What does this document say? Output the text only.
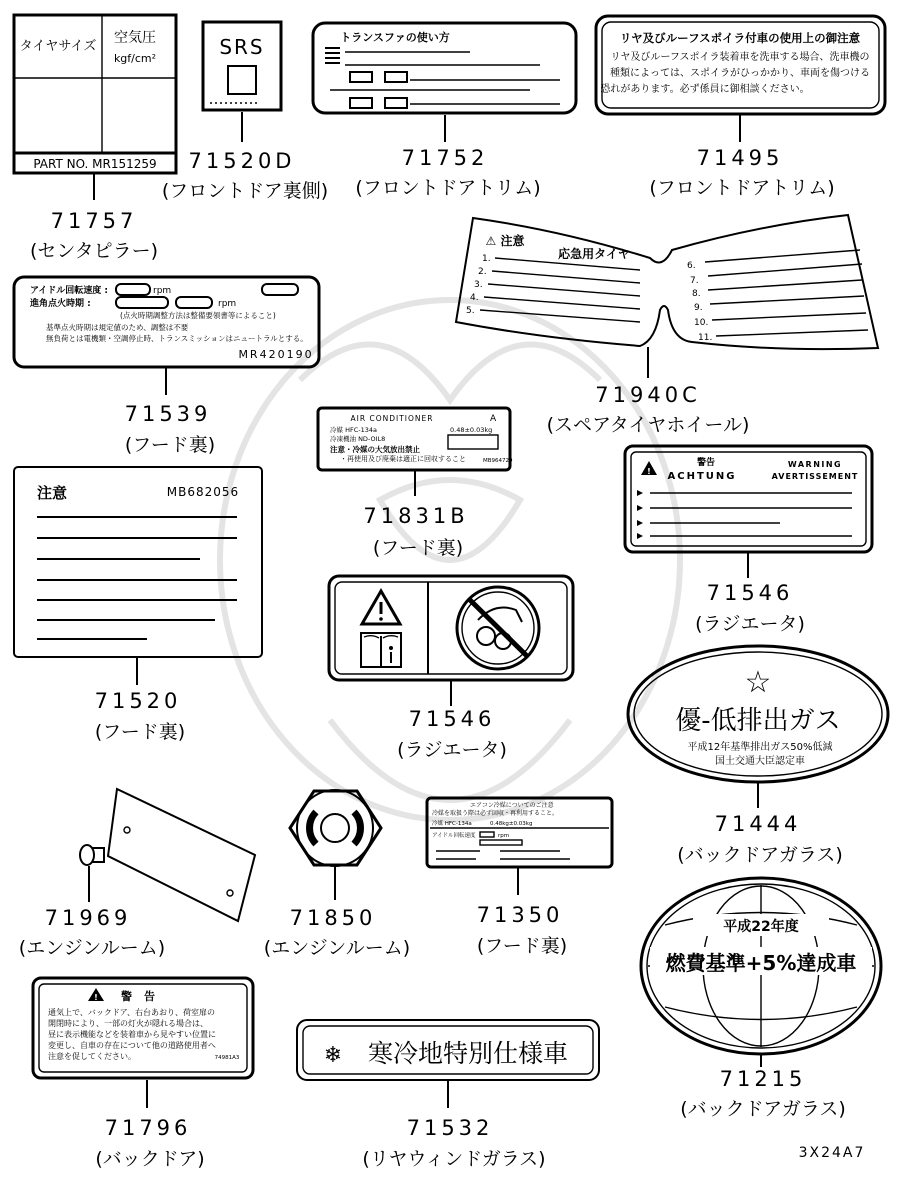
タイヤサイズ
空気圧
kgf/cm²
PART NO. MR151259
71757
(センタピラー)
SRS
71520D
(フロントドア裏側)
トランスファの使い方
71752
(フロントドアトリム)
リヤ及びルーフスポイラ付車の使用上の御注意
リヤ及びルーフスポイラ装着車を洗車する場合、洗車機の
種類によっては、スポイラがひっかかり、車両を傷つける
恐れがあります。必ず係員に御相談ください。
71495
(フロントドアトリム)
⚠ 注意
応急用タイヤ
1.
2.
3.
4.
5.
6.
7.
8.
9.
10.
11.
71940C
(スペアタイヤホイール)
アイドル回転速度 :	rpm
進角点火時期 :	rpm
(点火時期調整方法は整備要領書等によること)
基準点火時期は規定値のため、調整は不要
無負荷とは電機類・空調停止時、トランスミッションはニュートラルとする。
MR420190
71539
(フード裏)
AIR CONDITIONER	A
冷媒 HFC-134a	0.48±0.03kg
冷凍機油 ND-OIL8
注意・冷媒の大気放出禁止
・再使用及び廃棄は適正に回収すること	MB964729
71831B
(フード裏)
注意	MB682056
71520
(フード裏)
!
警告
ACHTUNG
WARNING
AVERTISSEMENT
71546
(ラジエータ)
71546
(ラジエータ)
☆
優-低排出ガス
平成12年基準排出ガス50%低減
国土交通大臣認定車
71444
(バックドアガラス)
71969
(エンジンルーム)
71850
(エンジンルーム)
エアコン冷媒についてのご注意
冷媒を取扱う際は必ず回収・再利用すること。
冷媒 HFC-134a	0.48kg±0.03kg
アイドル回転速度	rpm
71350
(フード裏)
平成22年度
燃費基準+5%達成車
71215
(バックドアガラス)
! 警告
通気上で、バックドア、右台あおり、荷室扉の
開閉時により、一部の灯火が隠れる場合は、
昼に表示機能などを装着車から見やすい位置に
変更し、自車の存在について他の道路使用者へ
注意を促してください。	74981A3
71796
(バックドア)
❄ 寒冷地特別仕様車
71532
(リヤウィンドガラス)	3X24A7
